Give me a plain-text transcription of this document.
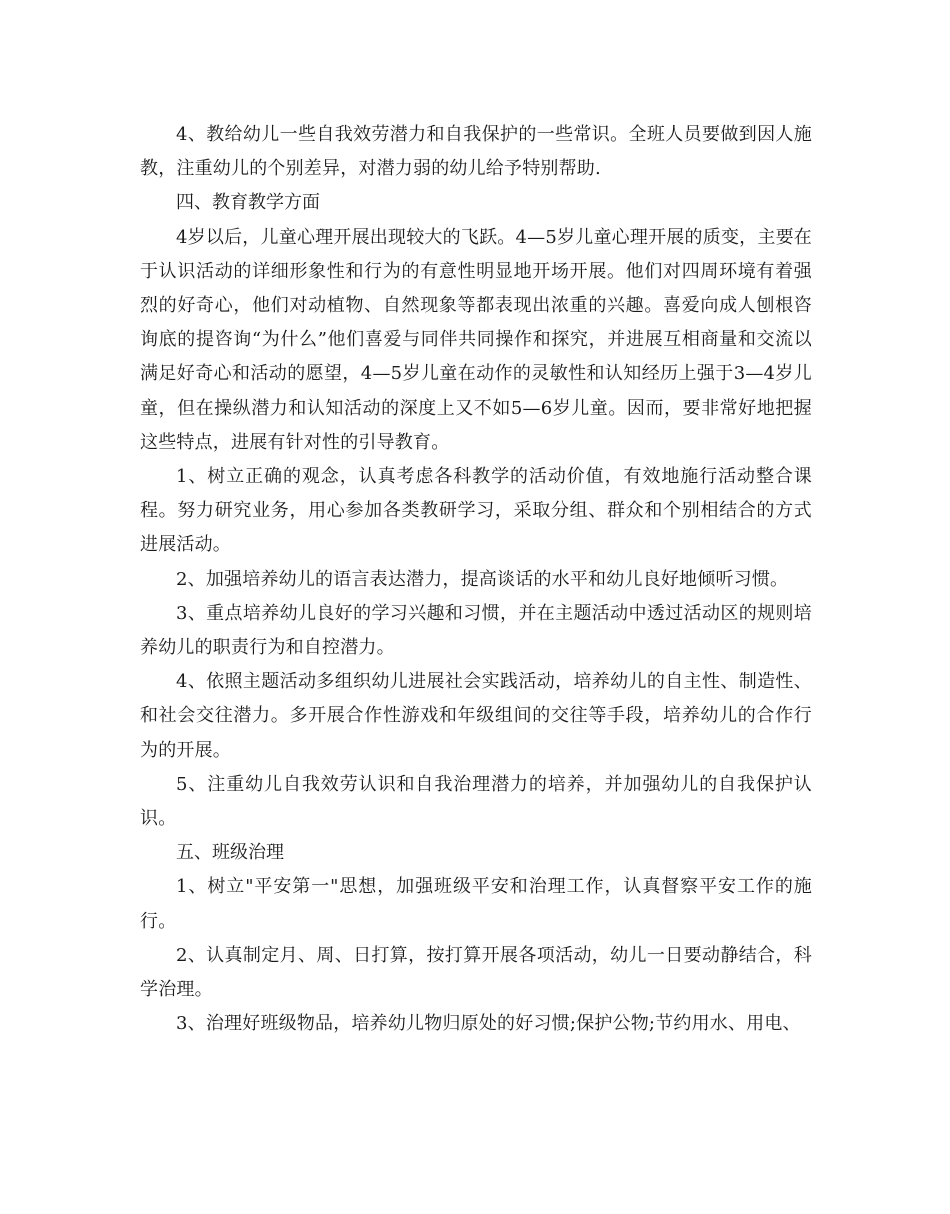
4、教给幼儿一些自我效劳潜力和自我保护的一些常识。全班人员要做到因人施教，注重幼儿的个别差异，对潜力弱的幼儿给予特别帮助.

四、教育教学方面

4岁以后，儿童心理开展出现较大的飞跃。4—5岁儿童心理开展的质变，主要在于认识活动的详细形象性和行为的有意性明显地开场开展。他们对四周环境有着强烈的好奇心，他们对动植物、自然现象等都表现出浓重的兴趣。喜爱向成人刨根咨询底的提咨询“为什么”他们喜爱与同伴共同操作和探究，并进展互相商量和交流以满足好奇心和活动的愿望，4—5岁儿童在动作的灵敏性和认知经历上强于3—4岁儿童，但在操纵潜力和认知活动的深度上又不如5—6岁儿童。因而，要非常好地把握这些特点，进展有针对性的引导教育。

1、树立正确的观念，认真考虑各科教学的活动价值，有效地施行活动整合课程。努力研究业务，用心参加各类教研学习，采取分组、群众和个别相结合的方式进展活动。

2、加强培养幼儿的语言表达潜力，提高谈话的水平和幼儿良好地倾听习惯。

3、重点培养幼儿良好的学习兴趣和习惯，并在主题活动中透过活动区的规则培养幼儿的职责行为和自控潜力。

4、依照主题活动多组织幼儿进展社会实践活动，培养幼儿的自主性、制造性、和社会交往潜力。多开展合作性游戏和年级组间的交往等手段，培养幼儿的合作行为的开展。

5、注重幼儿自我效劳认识和自我治理潜力的培养，并加强幼儿的自我保护认识。

五、班级治理

1、树立"平安第一"思想，加强班级平安和治理工作，认真督察平安工作的施行。

2、认真制定月、周、日打算，按打算开展各项活动，幼儿一日要动静结合，科学治理。

3、治理好班级物品，培养幼儿物归原处的好习惯;保护公物;节约用水、用电、
